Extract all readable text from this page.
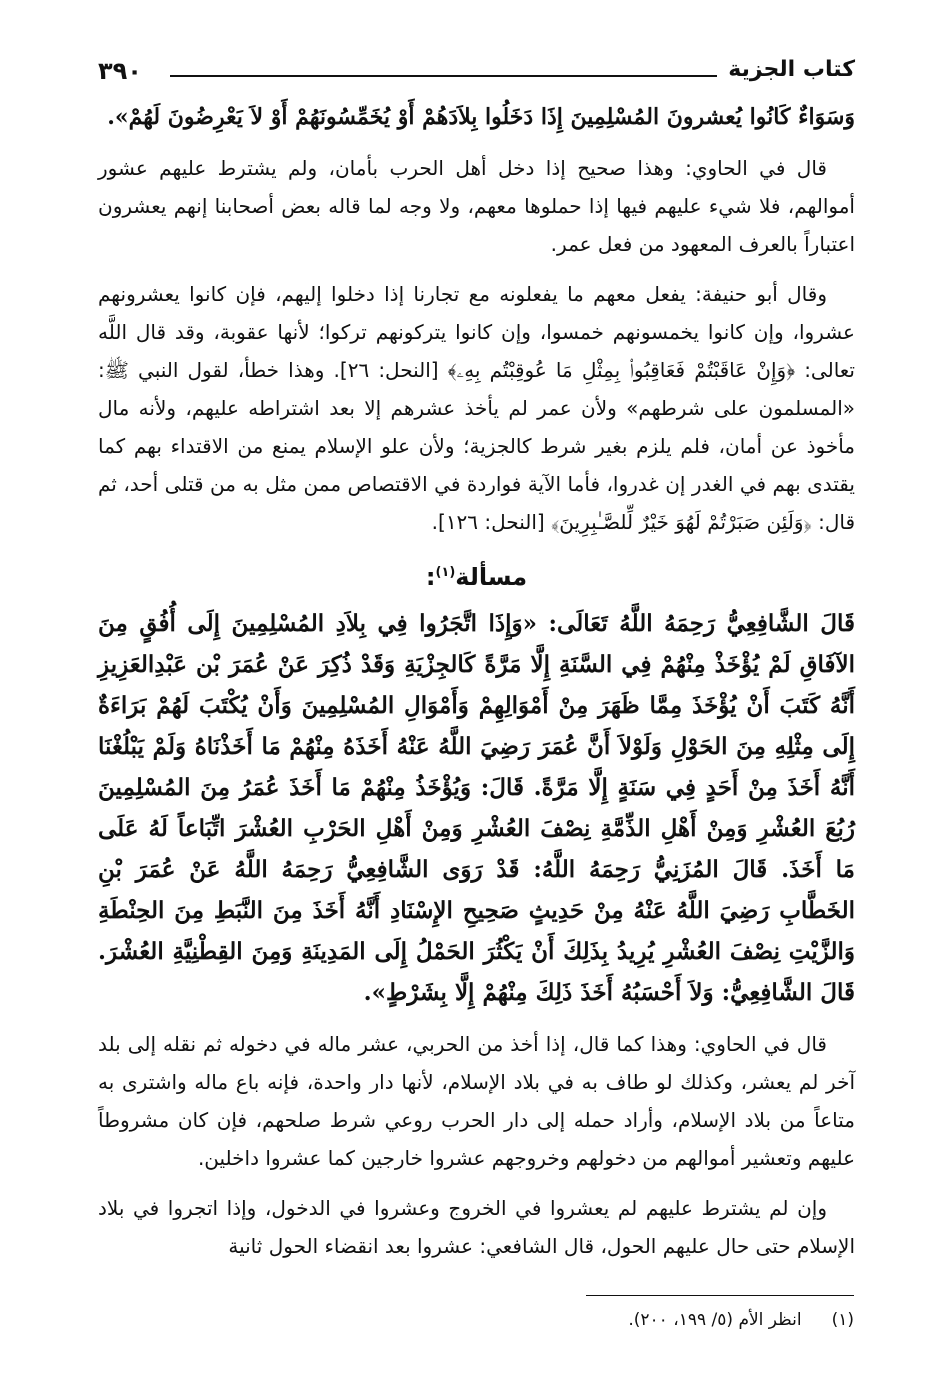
كتاب الجزية
٣٩٠

وَسَوَاءٌ كَانُوا يُعشرونَ المُسْلِمِينَ إِذَا دَخَلُوا بِلاَدَهُمْ أَوْ يُخَمِّسُونَهُمْ أَوْ لاَ يَعْرِضُونَ لَهُمْ».

قال في الحاوي: وهذا صحيح إذا دخل أهل الحرب بأمان، ولم يشترط عليهم عشور أموالهم، فلا شيء عليهم فيها إذا حملوها معهم، ولا وجه لما قاله بعض أصحابنا إنهم يعشرون اعتباراً بالعرف المعهود من فعل عمر.

وقال أبو حنيفة: يفعل معهم ما يفعلونه مع تجارنا إذا دخلوا إليهم، فإن كانوا يعشرونهم عشروا، وإن كانوا يخمسونهم خمسوا، وإن كانوا يتركونهم تركوا؛ لأنها عقوبة، وقد قال اللَّه تعالى: ﴿وَإِنْ عَاقَبْتُمْ فَعَاقِبُوا۟ بِمِثْلِ مَا عُوقِبْتُم بِهِۦ﴾ [النحل: ٢٦]. وهذا خطأ، لقول النبي ﷺ: «المسلمون على شرطهم» ولأن عمر لم يأخذ عشرهم إلا بعد اشتراطه عليهم، ولأنه مال مأخوذ عن أمان، فلم يلزم بغير شرط كالجزية؛ ولأن علو الإسلام يمنع من الاقتداء بهم كما يقتدى بهم في الغدر إن غدروا، فأما الآية فواردة في الاقتصاص ممن مثل به من قتلى أحد، ثم قال: ﴿وَلَئِن صَبَرْتُمْ لَهُوَ خَيْرٌ لِّلصَّـٰبِرِينَ﴾ [النحل: ١٢٦].

مسألة$^{(١)}$:

قَالَ الشَّافِعِيُّ رَحِمَهُ اللَّهُ تَعَالَى: «وَإِذَا اتَّجَرُوا فِي بِلاَدِ المُسْلِمِينَ إِلَى أُفُقٍ مِنَ الآفَاقِ لَمْ يُؤْخَذْ مِنْهُمْ فِي السَّنَةِ إِلَّا مَرَّةً كَالجِزْيَةِ وَقَدْ ذُكِرَ عَنْ عُمَرَ بْن عَبْدِالعَزِيزِ أَنَّهُ كَتَبَ أَنْ يُؤْخَذَ مِمَّا ظَهَرَ مِنْ أَمْوَالِهِمْ وَأَمْوَالِ المُسْلِمِينَ وَأَنْ يُكْتَبَ لَهُمْ بَرَاءَةٌ إِلَى مِثْلِهِ مِنَ الحَوْلِ وَلَوْلاَ أَنَّ عُمَرَ رَضِيَ اللَّهُ عَنْهُ أَخَذَهُ مِنْهُمْ مَا أَخَذْنَاهُ وَلَمْ يَبْلُغْنَا أَنَّهُ أَخَذَ مِنْ أَحَدٍ فِي سَنَةٍ إِلَّا مَرَّةً. قَالَ: وَيُؤْخَذُ مِنْهُمْ مَا أَخَذَ عُمَرُ مِنَ المُسْلِمِينَ رُبُعَ العُشْرِ وَمِنْ أَهْلِ الذِّمَّةِ نِصْفَ العُشْرِ وَمِنْ أَهْلِ الحَرْبِ العُشْرَ اتِّبَاعاً لَهُ عَلَى مَا أَخَذَ. قَالَ المُزَنِيُّ رَحِمَهُ اللَّهُ: قَدْ رَوَى الشَّافِعِيُّ رَحِمَهُ اللَّهُ عَنْ عُمَرَ بْنِ الخَطَّابِ رَضِيَ اللَّهُ عَنْهُ مِنْ حَدِيثٍ صَحِيحِ الإِسْنَادِ أَنَّهُ أَخَذَ مِنَ النَّبَطِ مِنَ الحِنْطَةِ وَالزَّيْتِ نِصْفَ العُشْرِ يُرِيدُ بِذَلِكَ أَنْ يَكْثُرَ الحَمْلُ إِلَى المَدِينَةِ وَمِنَ القِطْنِيَّةِ العُشْرَ. قَالَ الشَّافِعِيُّ: وَلاَ أَحْسَبُهُ أَخَذَ ذَلِكَ مِنْهُمْ إِلَّا بِشَرْطٍ».

قال في الحاوي: وهذا كما قال، إذا أخذ من الحربي، عشر ماله في دخوله ثم نقله إلى بلد آخر لم يعشر، وكذلك لو طاف به في بلاد الإسلام، لأنها دار واحدة، فإنه باع ماله واشترى به متاعاً من بلاد الإسلام، وأراد حمله إلى دار الحرب روعي شرط صلحهم، فإن كان مشروطاً عليهم وتعشير أموالهم من دخولهم وخروجهم عشروا خارجين كما عشروا داخلين.

وإن لم يشترط عليهم لم يعشروا في الخروج وعشروا في الدخول، وإذا اتجروا في بلاد الإسلام حتى حال عليهم الحول، قال الشافعي: عشروا بعد انقضاء الحول ثانية

(١)
انظر الأم (٥/ ١٩٩، ٢٠٠).
